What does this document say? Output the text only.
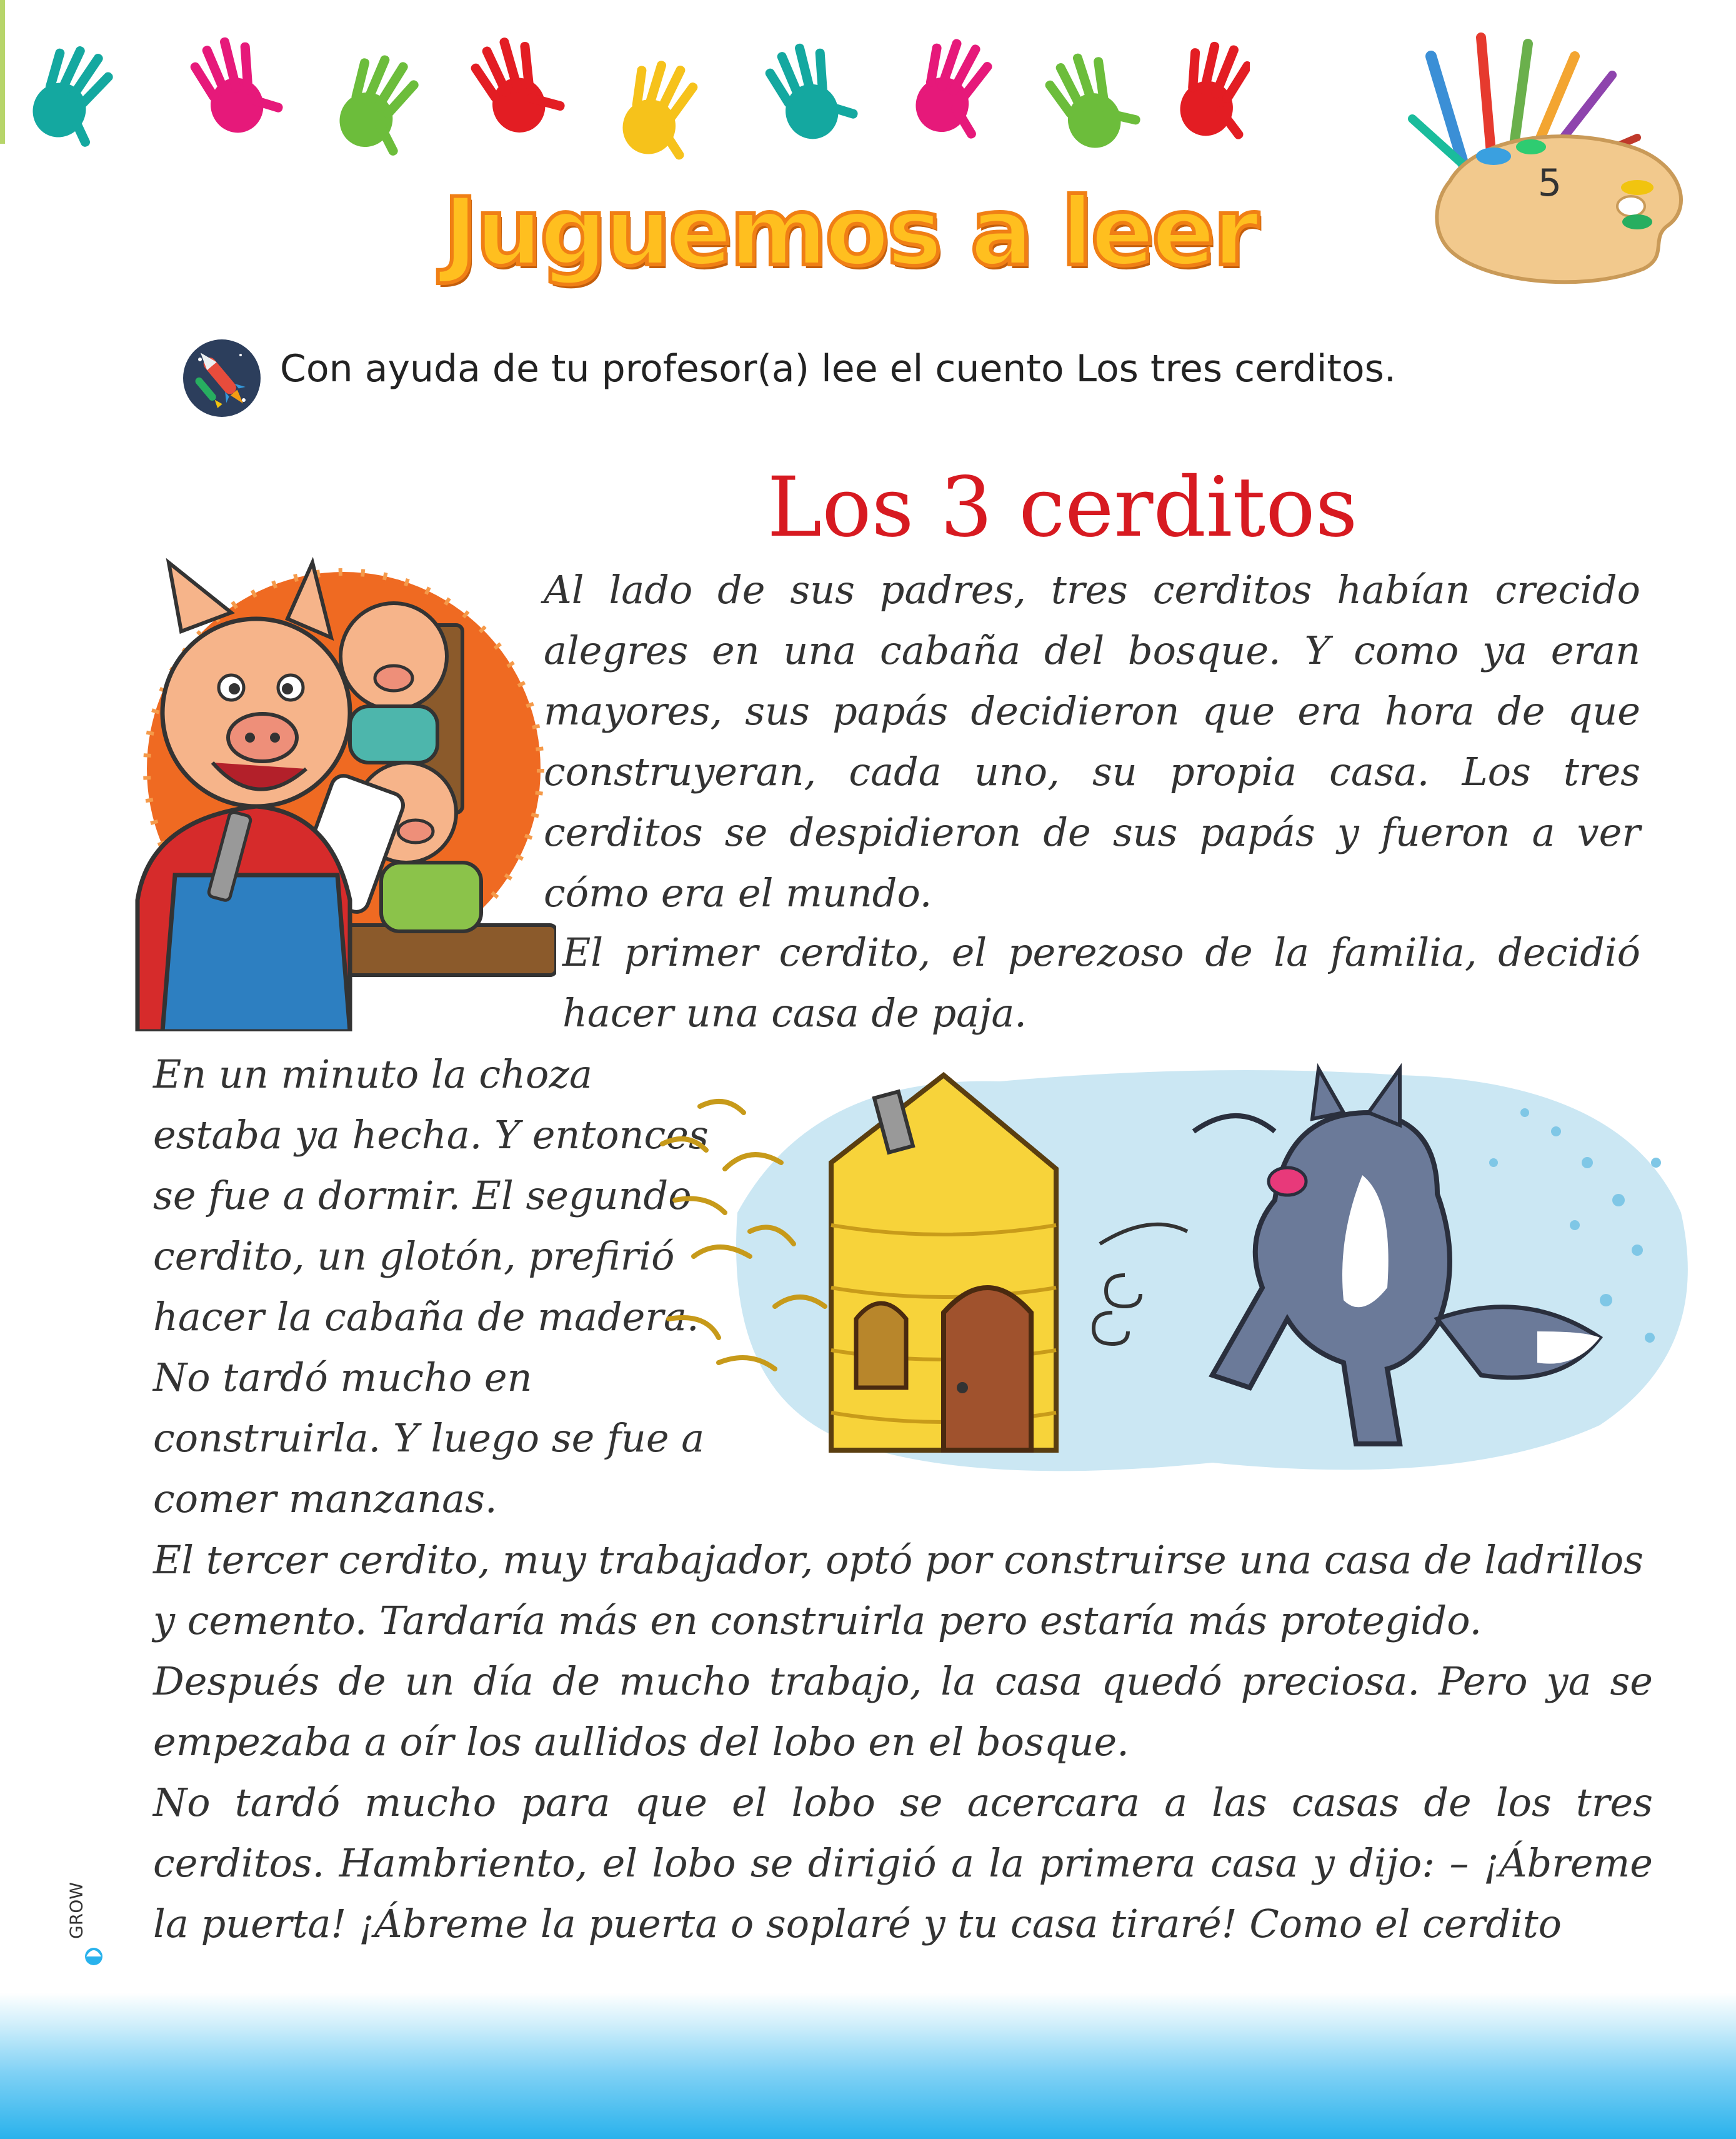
5
Juguemos a leer
Con ayuda de tu profesor(a) lee el cuento Los tres cerditos.
Los 3 cerditos
Al lado de sus padres, tres cerditos habían crecido alegres en una cabaña del bosque. Y como ya eran mayores, sus papás decidieron que era hora de que construyeran, cada uno, su propia casa. Los tres cerditos se despidieron de sus papás y fueron a ver cómo era el mundo.
El primer cerdito, el perezoso de la familia, decidió hacer una casa de paja.
En un minuto la choza estaba ya hecha. Y entonces se fue a dormir. El segundo cerdito, un glotón, prefirió hacer la cabaña de madera. No tardó mucho en construirla. Y luego se fue a comer manzanas.
El tercer cerdito, muy trabajador, optó por construirse una casa de ladrillos y cemento. Tardaría más en construirla pero estaría más protegido.
Después de un día de mucho trabajo, la casa quedó preciosa. Pero ya se empezaba a oír los aullidos del lobo en el bosque.
No tardó mucho para que el lobo se acercara a las casas de los tres cerditos. Hambriento, el lobo se dirigió a la primera casa y dijo: – ¡Ábreme la puerta! ¡Ábreme la puerta o soplaré y tu casa tiraré! Como el cerdito
GROW
